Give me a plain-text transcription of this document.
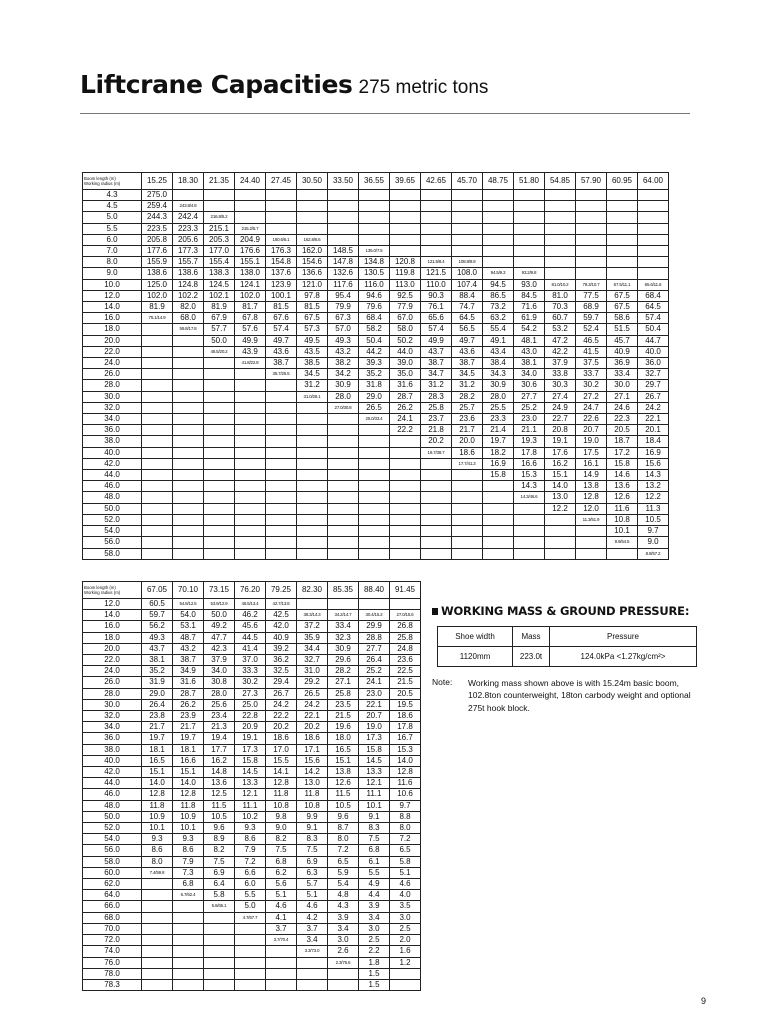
Liftcrane Capacities 275 metric tons
Boom length (m)
Working radius (m)	15.25	18.30	21.35	24.40	27.45	30.50	33.50	36.55	39.65	42.65	45.70	48.75	51.80	54.85	57.90	60.95	64.00
4.3	275.0																
4.5	259.4	243.8/4.8															
5.0	244.3	242.4	216.8/5.2														
5.5	223.5	223.3	215.1	215.2/5.7													
6.0	205.8	205.6	205.3	204.9	180.6/6.1	162.8/6.6											
7.0	177.6	177.3	177.0	176.6	176.3	162.0	148.5	135.0/7.5									
8.0	155.9	155.7	155.4	155.1	154.8	154.6	147.8	134.8	120.8	121.5/8.4	108.8/8.9						
9.0	138.6	138.6	138.3	138.0	137.6	136.6	132.6	130.5	119.8	121.5	108.0	94.5/9.3	93.2/9.8				
10.0	125.0	124.8	124.5	124.1	123.9	121.0	117.6	116.0	113.0	110.0	107.4	94.5	93.0	81.0/10.2	78.3/10.7	67.5/11.1	65.6/11.6
12.0	102.0	102.2	102.1	102.0	100.1	97.8	95.4	94.6	92.5	90.3	88.4	86.5	84.5	81.0	77.5	67.5	68.4
14.0	81.9	82.0	81.9	81.7	81.5	81.5	79.9	79.6	77.9	76.1	74.7	73.2	71.6	70.3	68.9	67.5	64.5
16.0	75.1/14.9	68.0	67.9	67.8	67.6	67.5	67.3	68.4	67.0	65.6	64.5	63.2	61.9	60.7	59.7	58.6	57.4
18.0		59.8/17.8	57.7	57.6	57.4	57.3	57.0	58.2	58.0	57.4	56.5	55.4	54.2	53.2	52.4	51.5	50.4
20.0			50.0	49.9	49.7	49.5	49.3	50.4	50.2	49.9	49.7	49.1	48.1	47.2	46.5	45.7	44.7
22.0			48.5/20.2	43.9	43.6	43.5	43.2	44.2	44.0	43.7	43.6	43.4	43.0	42.2	41.5	40.9	40.0
24.0				41.8/22.8	38.7	38.5	38.2	39.3	39.0	38.7	38.7	38.4	38.1	37.9	37.5	36.9	36.0
26.0					35.7/25.5	34.5	34.2	35.2	35.0	34.7	34.5	34.3	34.0	33.8	33.7	33.4	32.7
28.0						31.2	30.9	31.8	31.6	31.2	31.2	30.9	30.6	30.3	30.2	30.0	29.7
30.0						31.0/28.1	28.0	29.0	28.7	28.3	28.2	28.0	27.7	27.4	27.2	27.1	26.7
32.0							27.0/30.8	26.5	26.2	25.8	25.7	25.5	25.2	24.9	24.7	24.6	24.2
34.0								25.0/33.4	24.1	23.7	23.6	23.3	23.0	22.7	22.6	22.3	22.1
36.0									22.2	21.8	21.7	21.4	21.1	20.8	20.7	20.5	20.1
38.0										20.2	20.0	19.7	19.3	19.1	19.0	18.7	18.4
40.0										19.7/38.7	18.6	18.2	17.8	17.6	17.5	17.2	16.9
42.0											17.7/41.3	16.9	16.6	16.2	16.1	15.8	15.6
44.0												15.8	15.3	15.1	14.9	14.6	14.3
46.0													14.3	14.0	13.8	13.6	13.2
48.0													14.3/46.6	13.0	12.8	12.6	12.2
50.0														12.2	12.0	11.6	11.3
52.0															11.3/51.9	10.8	10.5
54.0																10.1	9.7
56.0																9.9/54.5	9.0
58.0																	8.8/57.2
Boom length (m)
Working radius (m)	67.05	70.10	73.15	76.20	79.25	82.30	85.35	88.40	91.45
12.0	60.5	54.8/12.5	53.9/12.9	46.5/13.4	42.7/13.8				
14.0	59.7	54.0	50.0	46.2	42.5	38.3/14.3	34.2/14.7	30.4/15.2	27.0/15.6
16.0	56.2	53.1	49.2	45.6	42.0	37.2	33.4	29.9	26.8
18.0	49.3	48.7	47.7	44.5	40.9	35.9	32.3	28.8	25.8
20.0	43.7	43.2	42.3	41.4	39.2	34.4	30.9	27.7	24.8
22.0	38.1	38.7	37.9	37.0	36.2	32.7	29.6	26.4	23.6
24.0	35.2	34.9	34.0	33.3	32.5	31.0	28.2	25.2	22.5
26.0	31.9	31.6	30.8	30.2	29.4	29.2	27.1	24.1	21.5
28.0	29.0	28.7	28.0	27.3	26.7	26.5	25.8	23.0	20.5
30.0	26.4	26.2	25.6	25.0	24.2	24.2	23.5	22.1	19.5
32.0	23.8	23.9	23.4	22.8	22.2	22.1	21.5	20.7	18.6
34.0	21.7	21.7	21.3	20.9	20.2	20.2	19.6	19.0	17.8
36.0	19.7	19.7	19.4	19.1	18.6	18.6	18.0	17.3	16.7
38.0	18.1	18.1	17.7	17.3	17.0	17.1	16.5	15.8	15.3
40.0	16.5	16.6	16.2	15.8	15.5	15.6	15.1	14.5	14.0
42.0	15.1	15.1	14.8	14.5	14.1	14.2	13.8	13.3	12.8
44.0	14.0	14.0	13.6	13.3	12.8	13.0	12.6	12.1	11.6
46.0	12.8	12.8	12.5	12.1	11.8	11.8	11.5	11.1	10.6
48.0	11.8	11.8	11.5	11.1	10.8	10.8	10.5	10.1	9.7
50.0	10.9	10.9	10.5	10.2	9.8	9.9	9.6	9.1	8.8
52.0	10.1	10.1	9.6	9.3	9.0	9.1	8.7	8.3	8.0
54.0	9.3	9.3	8.9	8.6	8.2	8.3	8.0	7.5	7.2
56.0	8.6	8.6	8.2	7.9	7.5	7.5	7.2	6.8	6.5
58.0	8.0	7.9	7.5	7.2	6.8	6.9	6.5	6.1	5.8
60.0	7.4/59.8	7.3	6.9	6.6	6.2	6.3	5.9	5.5	5.1
62.0		6.8	6.4	6.0	5.6	5.7	5.4	4.9	4.6
64.0		6.7/62.4	5.8	5.5	5.1	5.1	4.8	4.4	4.0
66.0			5.6/65.1	5.0	4.6	4.6	4.3	3.9	3.5
68.0				4.7/67.7	4.1	4.2	3.9	3.4	3.0
70.0					3.7	3.7	3.4	3.0	2.5
72.0					3.7/70.4	3.4	3.0	2.5	2.0
74.0						3.3/73.0	2.6	2.2	1.6
76.0							2.3/75.6	1.8	1.2
78.0								1.5	
78.3								1.5	
WORKING MASS & GROUND PRESSURE:
Shoe width	Mass	Pressure
1120mm	223.0t	124.0kPa <1.27kg/cm²>
Note: Working mass shown above is with 15.24m basic boom, 102.8ton counterweight, 18ton carbody weight and optional 275t hook block.
9
